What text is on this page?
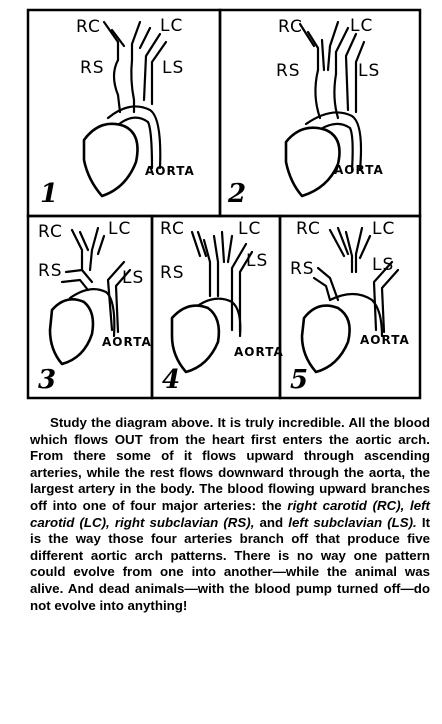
RC	LC
RS	LS
AORTA
1
RC	LC
RS	LS
AORTA
2
RC	LC
RS	LS
AORTA
3
RC	LC
RS
LS
AORTA
4
RC	LC
RS	LS
AORTA
5

Study the diagram above. It is truly incredible. All the blood which flows OUT from the heart first enters the aortic arch. From there some of it flows upward through ascending arteries, while the rest flows downward through the aorta, the largest artery in the body. The blood flowing upward branches off into one of four major arteries: the right carotid (RC), left carotid (LC), right subclavian (RS), and left subclavian (LS). It is the way those four arteries branch off that produce five different aortic arch patterns. There is no way one pattern could evolve from one into another—while the animal was alive. And dead animals—with the blood pump turned off—do not evolve into anything!
